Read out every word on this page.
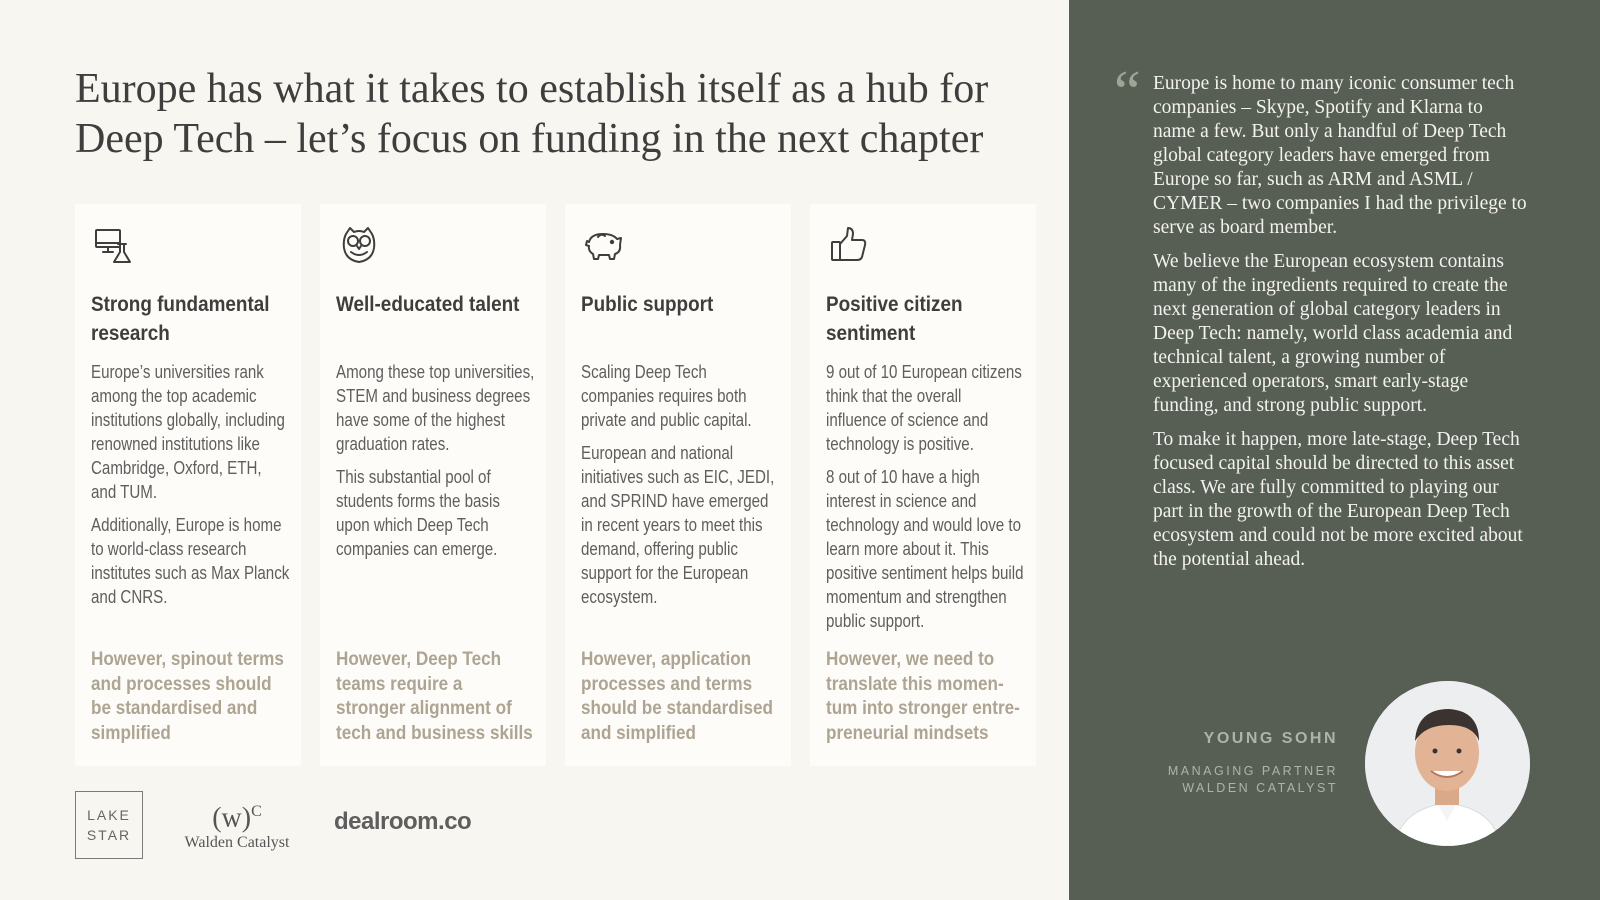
Europe has what it takes to establish itself as a hub for
Deep Tech – let’s focus on funding in the next chapter
Strong fundamental research

Europe’s universities rank among the top academic institutions globally, including renowned institutions like Cambridge, Oxford, ETH, and TUM.

Additionally, Europe is home to world-class research institutes such as Max Planck and CNRS.

However, spinout terms and processes should be standardised and simplified
Well-educated talent

Among these top universities, STEM and business degrees have some of the highest graduation rates.

This substantial pool of students forms the basis upon which Deep Tech companies can emerge.

However, Deep Tech teams require a stronger alignment of tech and business skills
Public support

Scaling Deep Tech companies requires both private and public capital.

European and national initiatives such as EIC, JEDI, and SPRIND have emerged in recent years to meet this demand, offering public support for the European ecosystem.

However, application processes and terms should be standardised and simplified
Positive citizen sentiment

9 out of 10 European citizens think that the overall influence of science and technology is positive.

8 out of 10 have a high interest in science and technology and would love to learn more about it. This positive sentiment helps build momentum and strengthen public support.

However, we need to translate this momen-tum into stronger entre-preneurial mindsets
LAKE
STAR
$(w)^C$
Walden Catalyst
dealroom.co
“ Europe is home to many iconic consumer tech companies – Skype, Spotify and Klarna to name a few. But only a handful of Deep Tech global category leaders have emerged from Europe so far, such as ARM and ASML / CYMER – two companies I had the privilege to serve as board member.

We believe the European ecosystem contains many of the ingredients required to create the next generation of global category leaders in Deep Tech: namely, world class academia and technical talent, a growing number of experienced operators, smart early-stage funding, and strong public support.

To make it happen, more late-stage, Deep Tech focused capital should be directed to this asset class. We are fully committed to playing our part in the growth of the European Deep Tech ecosystem and could not be more excited about the potential ahead.

YOUNG SOHN
MANAGING PARTNER
WALDEN CATALYST
